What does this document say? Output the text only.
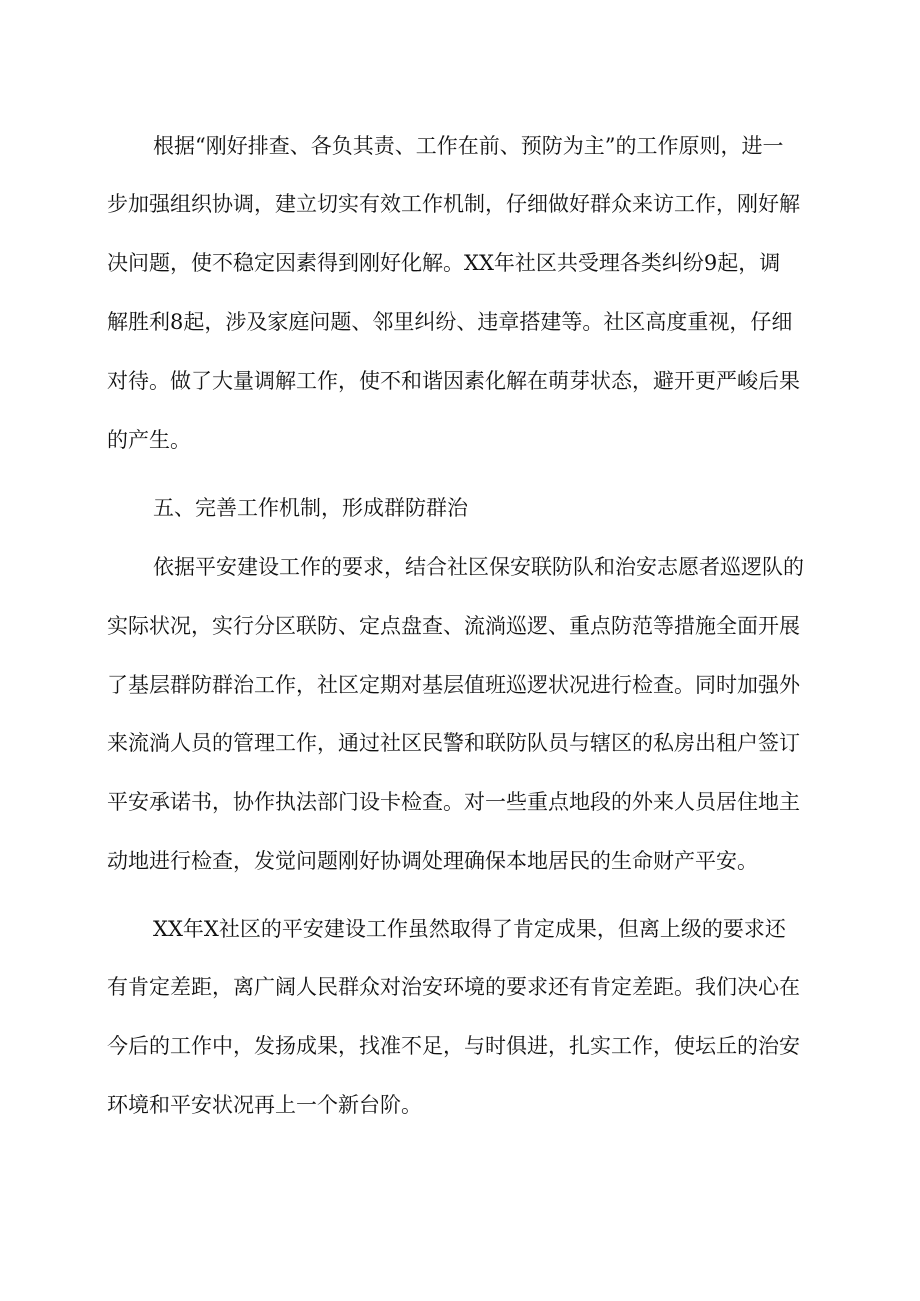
根据“刚好排查、各负其责、工作在前、预防为主”的工作原则，进一
步加强组织协调，建立切实有效工作机制，仔细做好群众来访工作，刚好解
决问题，使不稳定因素得到刚好化解。XX年社区共受理各类纠纷9起，调
解胜利8起，涉及家庭问题、邻里纠纷、违章搭建等。社区高度重视，仔细
对待。做了大量调解工作，使不和谐因素化解在萌芽状态，避开更严峻后果
的产生。
五、完善工作机制，形成群防群治
依据平安建设工作的要求，结合社区保安联防队和治安志愿者巡逻队的
实际状况，实行分区联防、定点盘查、流淌巡逻、重点防范等措施全面开展
了基层群防群治工作，社区定期对基层值班巡逻状况进行检查。同时加强外
来流淌人员的管理工作，通过社区民警和联防队员与辖区的私房出租户签订
平安承诺书，协作执法部门设卡检查。对一些重点地段的外来人员居住地主
动地进行检查，发觉问题刚好协调处理确保本地居民的生命财产平安。
XX年X社区的平安建设工作虽然取得了肯定成果，但离上级的要求还
有肯定差距，离广阔人民群众对治安环境的要求还有肯定差距。我们决心在
今后的工作中，发扬成果，找准不足，与时俱进，扎实工作，使坛丘的治安
环境和平安状况再上一个新台阶。
